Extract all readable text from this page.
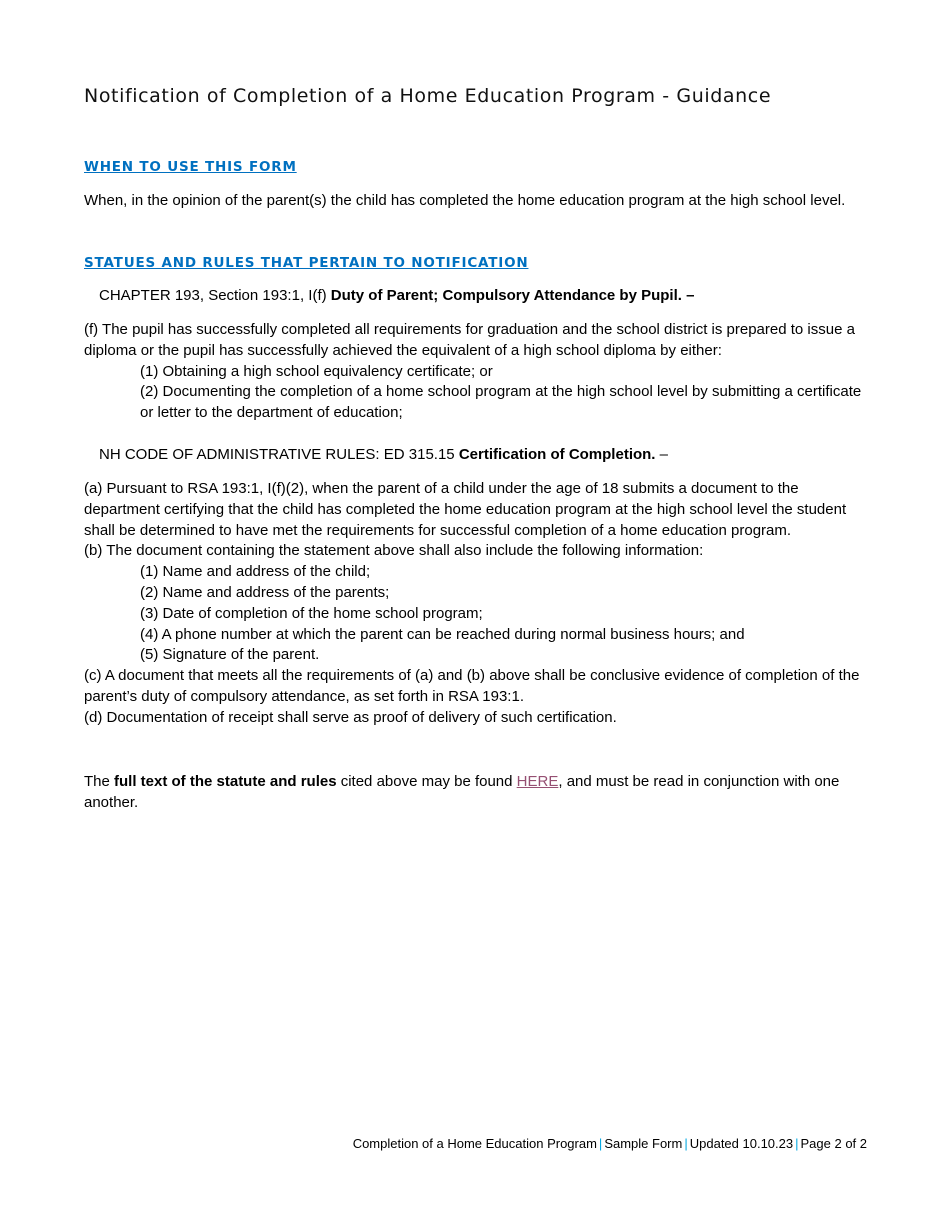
Notification of Completion of a Home Education Program - Guidance
WHEN TO USE THIS FORM

When, in the opinion of the parent(s) the child has completed the home education program at the high school level.

STATUES AND RULES THAT PERTAIN TO NOTIFICATION

CHAPTER 193, Section 193:1, I(f) Duty of Parent; Compulsory Attendance by Pupil. –

(f) The pupil has successfully completed all requirements for graduation and the school district is prepared to issue a diploma or the pupil has successfully achieved the equivalent of a high school diploma by either:

(1) Obtaining a high school equivalency certificate; or

(2) Documenting the completion of a home school program at the high school level by submitting a certificate or letter to the department of education;

NH CODE OF ADMINISTRATIVE RULES: ED 315.15 Certification of Completion. –

(a) Pursuant to RSA 193:1, I(f)(2), when the parent of a child under the age of 18 submits a document to the department certifying that the child has completed the home education program at the high school level the student shall be determined to have met the requirements for successful completion of a home education program.

(b) The document containing the statement above shall also include the following information:

(1) Name and address of the child;

(2) Name and address of the parents;

(3) Date of completion of the home school program;

(4) A phone number at which the parent can be reached during normal business hours; and

(5) Signature of the parent.

(c) A document that meets all the requirements of (a) and (b) above shall be conclusive evidence of completion of the parent’s duty of compulsory attendance, as set forth in RSA 193:1.

(d) Documentation of receipt shall serve as proof of delivery of such certification.

The full text of the statute and rules cited above may be found HERE, and must be read in conjunction with one another.

Completion of a Home Education Program | Sample Form | Updated 10.10.23 | Page 2 of 2
